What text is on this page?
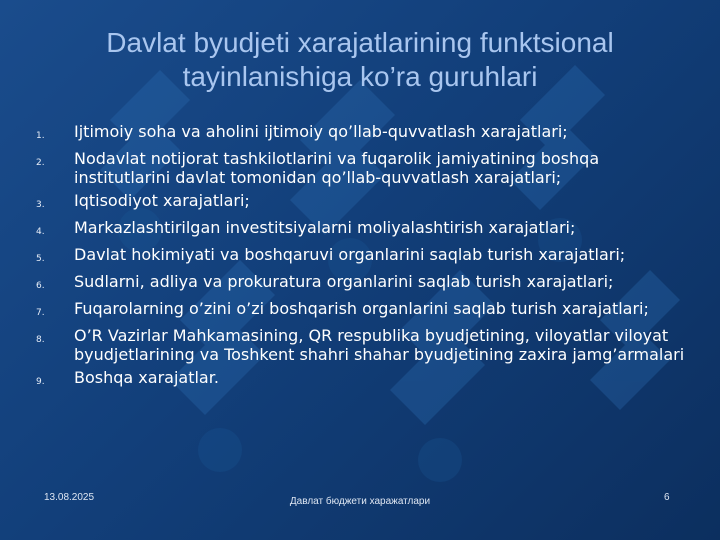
Davlat byudjeti xarajatlarining funktsional tayinlanishiga ko’ra guruhlari
1.	Ijtimoiy soha va aholini ijtimoiy qo’llab-quvvatlash xarajatlari;
2.	Nodavlat notijorat tashkilotlarini va fuqarolik jamiyatining boshqa institutlarini davlat tomonidan qo’llab-quvvatlash xarajatlari;
3.	Iqtisodiyot xarajatlari;
4.	Markazlashtirilgan investitsiyalarni moliyalashtirish xarajatlari;
5.	Davlat hokimiyati va boshqaruvi organlarini saqlab turish xarajatlari;
6.	Sudlarni, adliya va prokuratura organlarini saqlab turish xarajatlari;
7.	Fuqarolarning o’zini o’zi boshqarish organlarini saqlab turish xarajatlari;
8.	O’R Vazirlar Mahkamasining, QR respublika byudjetining, viloyatlar viloyat byudjetlarining va Toshkent shahri shahar byudjetining zaxira jamg’armalari
9.	Boshqa xarajatlar.
13.08.2025	Давлат бюджети харажатлари	6
